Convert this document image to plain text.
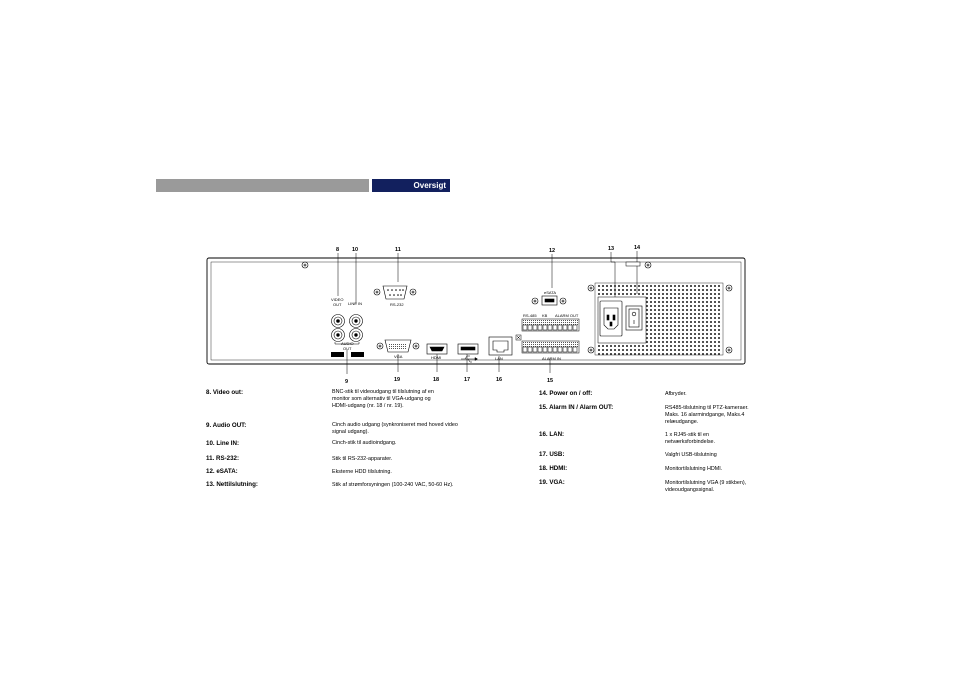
Oversigt
8 10	11	12	13	14
9	19	18	17	16	15
VIDEO
OUT LINE IN
AUDIO
OUT
RS-232
VGA	HDMI	LAN
eSATA
RS-485 KB ALARM OUT
ALARM IN
8. Video out:	BNC-stik til videoudgang til tilslutning af en monitor som alternativ til VGA-udgang og HDMI-udgang (nr. 18 / nr. 19).
9. Audio OUT:	Cinch audio udgang (synkroniseret med hoved video signal udgang).
10. Line IN:	Cinch-stik til audioindgang.
11. RS-232:	Stik til RS-232-apparater.
12. eSATA:	Eksterne HDD tilslutning.
13. Nettilslutning:	Stik af strømforsyningen (100-240 VAC, 50-60 Hz).
14. Power on / off:	Afbryder.
15. Alarm IN / Alarm OUT:	RS485-tilslutning til PTZ-kameraer. Maks. 16 alarmindgange, Maks.4 relæudgange.
16. LAN:	1 x RJ45-stik til en netværksforbindelse.
17. USB:	Valgfri USB-tilslutning
18. HDMI:	Monitortilslutning HDMI.
19. VGA:	Monitortilslutning VGA (9 stikben), videoudgangssignal.
